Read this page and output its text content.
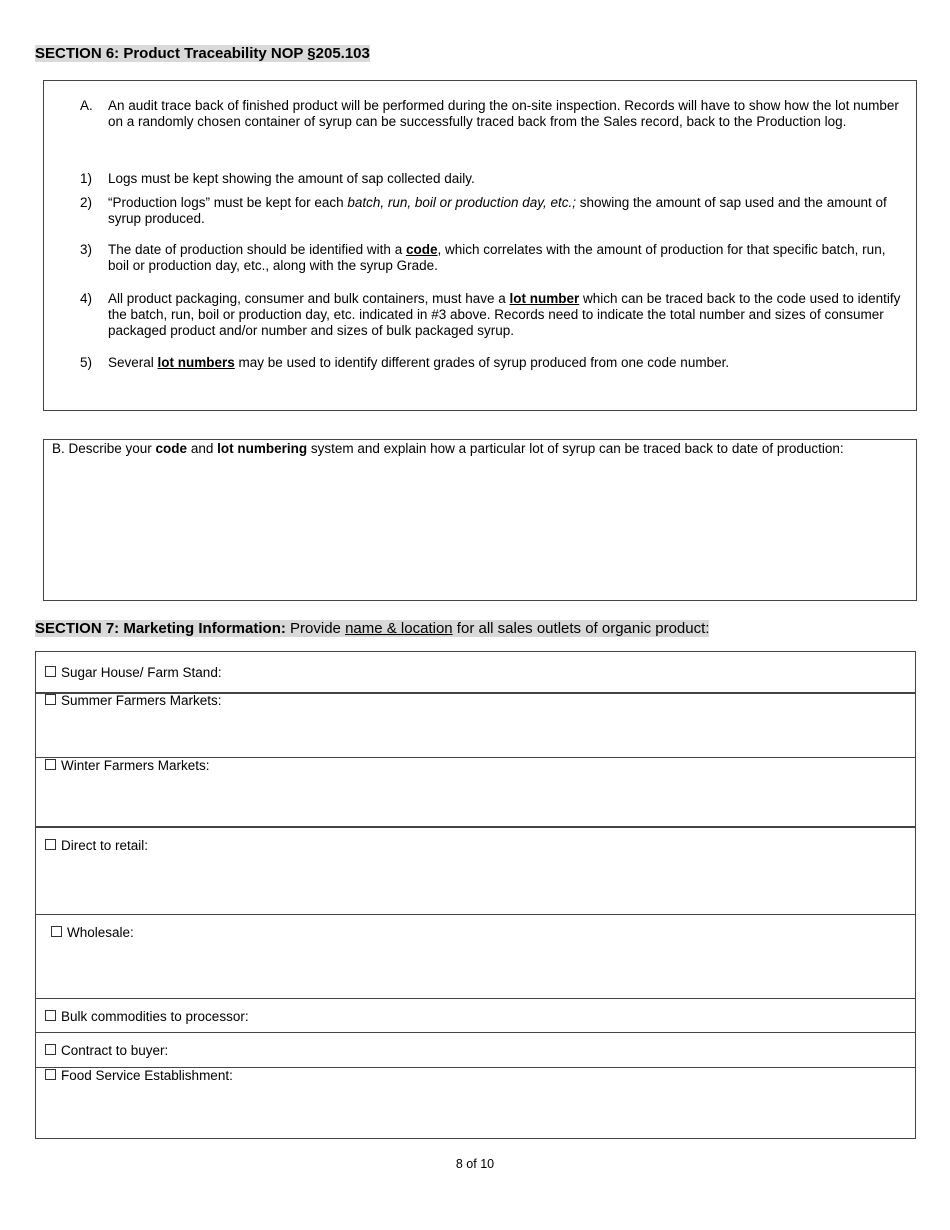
SECTION 6: Product Traceability NOP §205.103
A. An audit trace back of finished product will be performed during the on-site inspection. Records will have to show how the lot number on a randomly chosen container of syrup can be successfully traced back from the Sales record, back to the Production log.
1) Logs must be kept showing the amount of sap collected daily.
2) “Production logs” must be kept for each batch, run, boil or production day, etc.; showing the amount of sap used and the amount of syrup produced.
3) The date of production should be identified with a code, which correlates with the amount of production for that specific batch, run, boil or production day, etc., along with the syrup Grade.
4) All product packaging, consumer and bulk containers, must have a lot number which can be traced back to the code used to identify the batch, run, boil or production day, etc. indicated in #3 above. Records need to indicate the total number and sizes of consumer packaged product and/or number and sizes of bulk packaged syrup.
5) Several lot numbers may be used to identify different grades of syrup produced from one code number.
B. Describe your code and lot numbering system and explain how a particular lot of syrup can be traced back to date of production:
SECTION 7: Marketing Information: Provide name & location for all sales outlets of organic product:
Sugar House/ Farm Stand:
Summer Farmers Markets:
Winter Farmers Markets:
Direct to retail:
Wholesale:
Bulk commodities to processor:
Contract to buyer:
Food Service Establishment:
8 of 10
